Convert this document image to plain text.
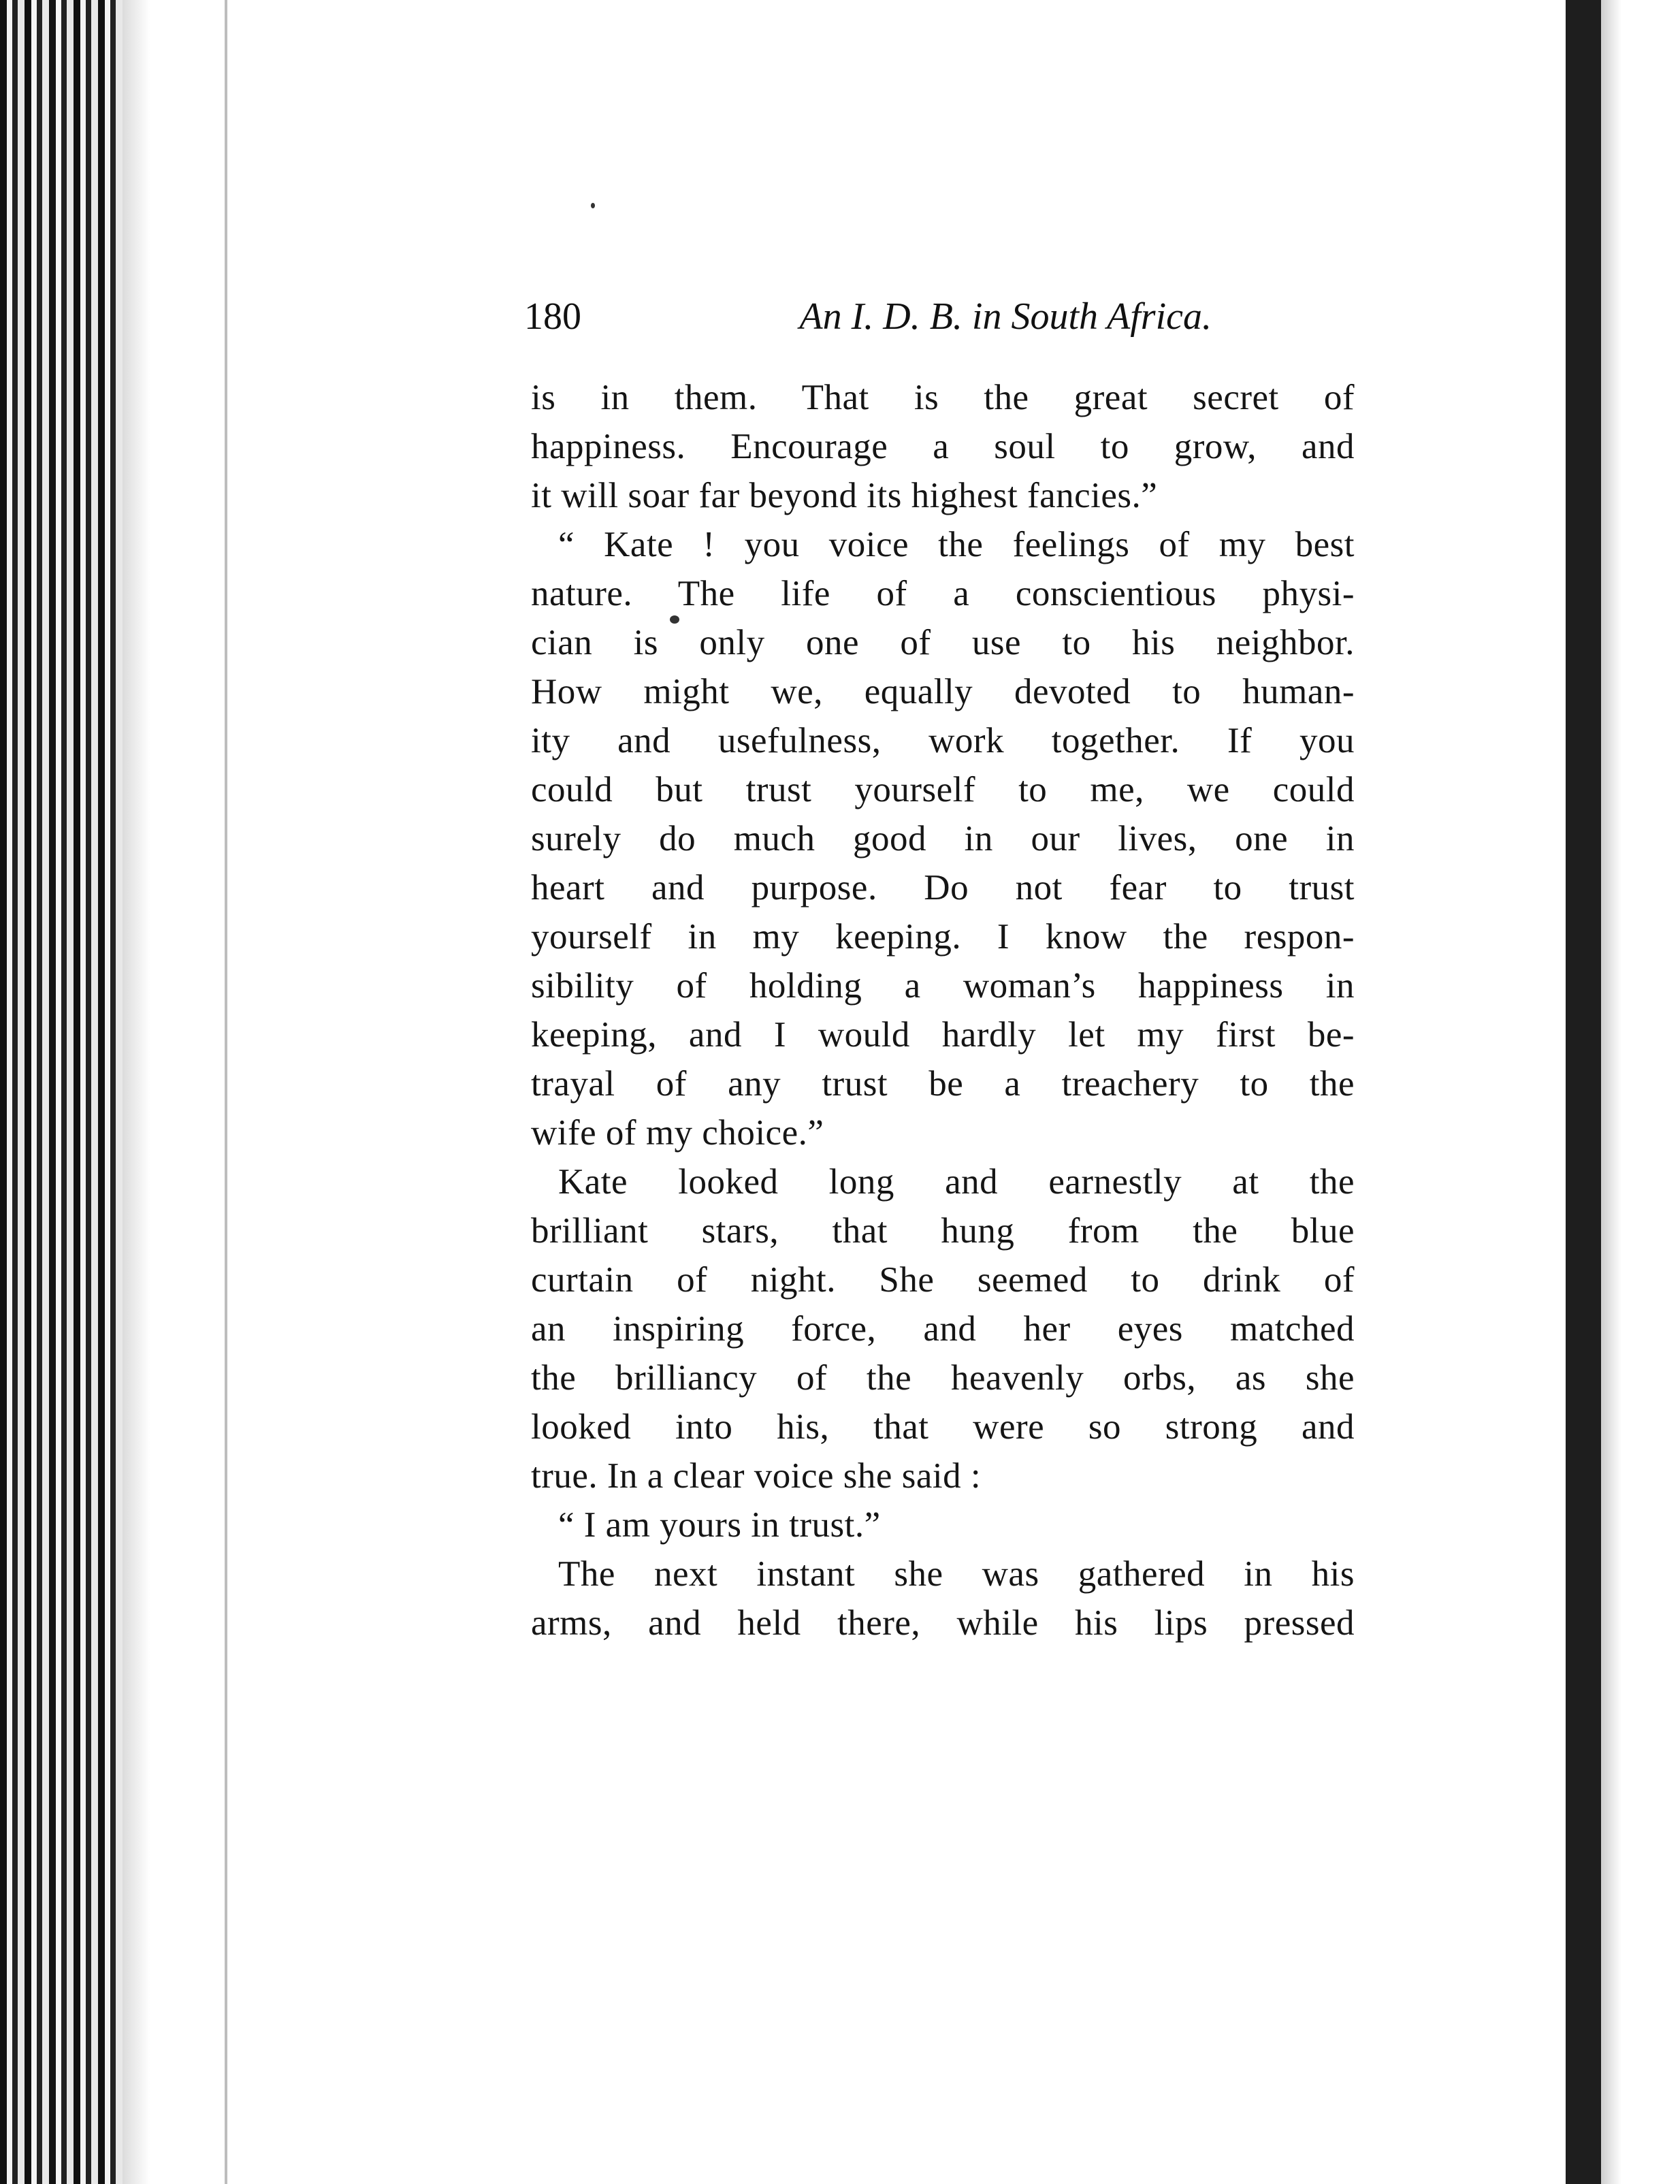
180	An I. D. B. in South Africa.
is in them. That is the great secret of
happiness. Encourage a soul to grow, and
it will soar far beyond its highest fancies.”
“ Kate ! you voice the feelings of my best
nature. The life of a conscientious physi-
cian is only one of use to his neighbor.
How might we, equally devoted to human-
ity and usefulness, work together. If you
could but trust yourself to me, we could
surely do much good in our lives, one in
heart and purpose. Do not fear to trust
yourself in my keeping. I know the respon-
sibility of holding a woman’s happiness in
keeping, and I would hardly let my first be-
trayal of any trust be a treachery to the
wife of my choice.”
Kate looked long and earnestly at the
brilliant stars, that hung from the blue
curtain of night. She seemed to drink of
an inspiring force, and her eyes matched
the brilliancy of the heavenly orbs, as she
looked into his, that were so strong and
true. In a clear voice she said :
“ I am yours in trust.”
The next instant she was gathered in his
arms, and held there, while his lips pressed
